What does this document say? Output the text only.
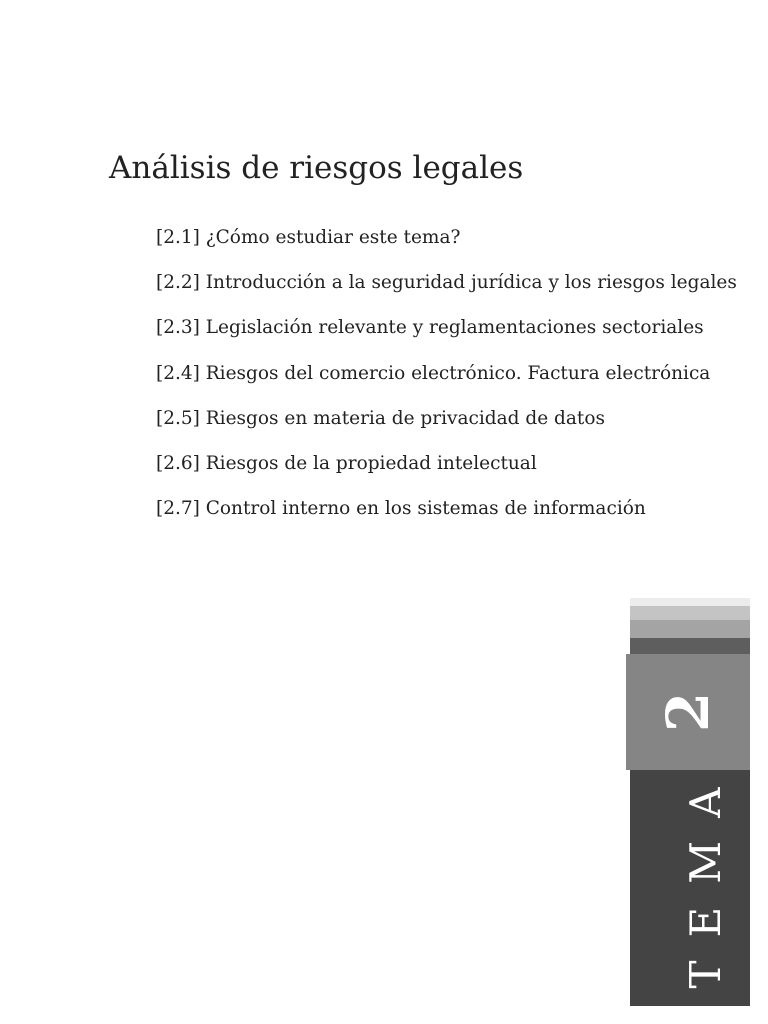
Análisis de riesgos legales
[2.1] ¿Cómo estudiar este tema?
[2.2] Introducción a la seguridad jurídica y los riesgos legales
[2.3] Legislación relevante y reglamentaciones sectoriales
[2.4] Riesgos del comercio electrónico. Factura electrónica
[2.5] Riesgos en materia de privacidad de datos
[2.6] Riesgos de la propiedad intelectual
[2.7] Control interno en los sistemas de información
2
TEMA
